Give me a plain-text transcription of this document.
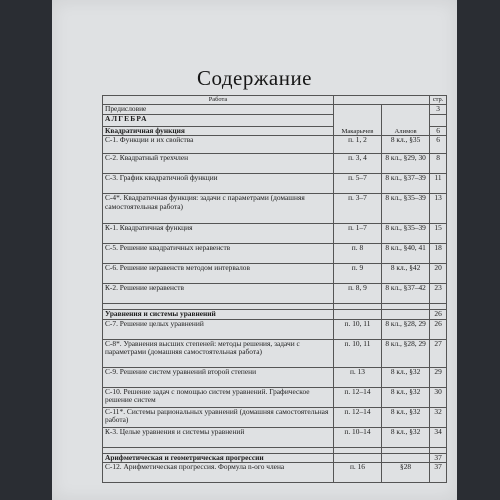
Содержание
Работа			стр.
Предисловие	Макарычев	Алимов	3
АЛГЕБРА			
Квадратичная функция			6
С-1. Функции и их свойства	п. 1, 2	8 кл., §35	6
С-2. Квадратный трехчлен	п. 3, 4	8 кл., §29, 30	8
С-3. График квадратичной функции	п. 5–7	8 кл., §37–39	11
С-4*. Квадратичная функция: задачи с параметрами (домашняя самостоятельная работа)	п. 3–7	8 кл., §35–39	13
К-1. Квадратичная функция	п. 1–7	8 кл., §35–39	15
С-5. Решение квадратичных неравенств	п. 8	8 кл., §40, 41	18
С-6. Решение неравенств методом интервалов	п. 9	8 кл., §42	20
К-2. Решение неравенств	п. 8, 9	8 кл., §37–42	23

Уравнения и системы уравнений			26
С-7. Решение целых уравнений	п. 10, 11	8 кл., §28, 29	26
С-8*. Уравнения высших степеней: методы решения, задачи с параметрами (домашняя самостоятельная работа)	п. 10, 11	8 кл., §28, 29	27
С-9. Решение систем уравнений второй степени	п. 13	8 кл., §32	29
С-10. Решение задач с помощью систем уравнений. Графическое решение систем	п. 12–14	8 кл., §32	30
С-11*. Системы рациональных уравнений (домашняя самостоятельная работа)	п. 12–14	8 кл., §32	32
К-3. Целые уравнения и системы уравнений	п. 10–14	8 кл., §32	34

Арифметическая и геометрическая прогрессии			37
С-12. Арифметическая прогрессия. Формула n-ого члена	п. 16	§28	37
